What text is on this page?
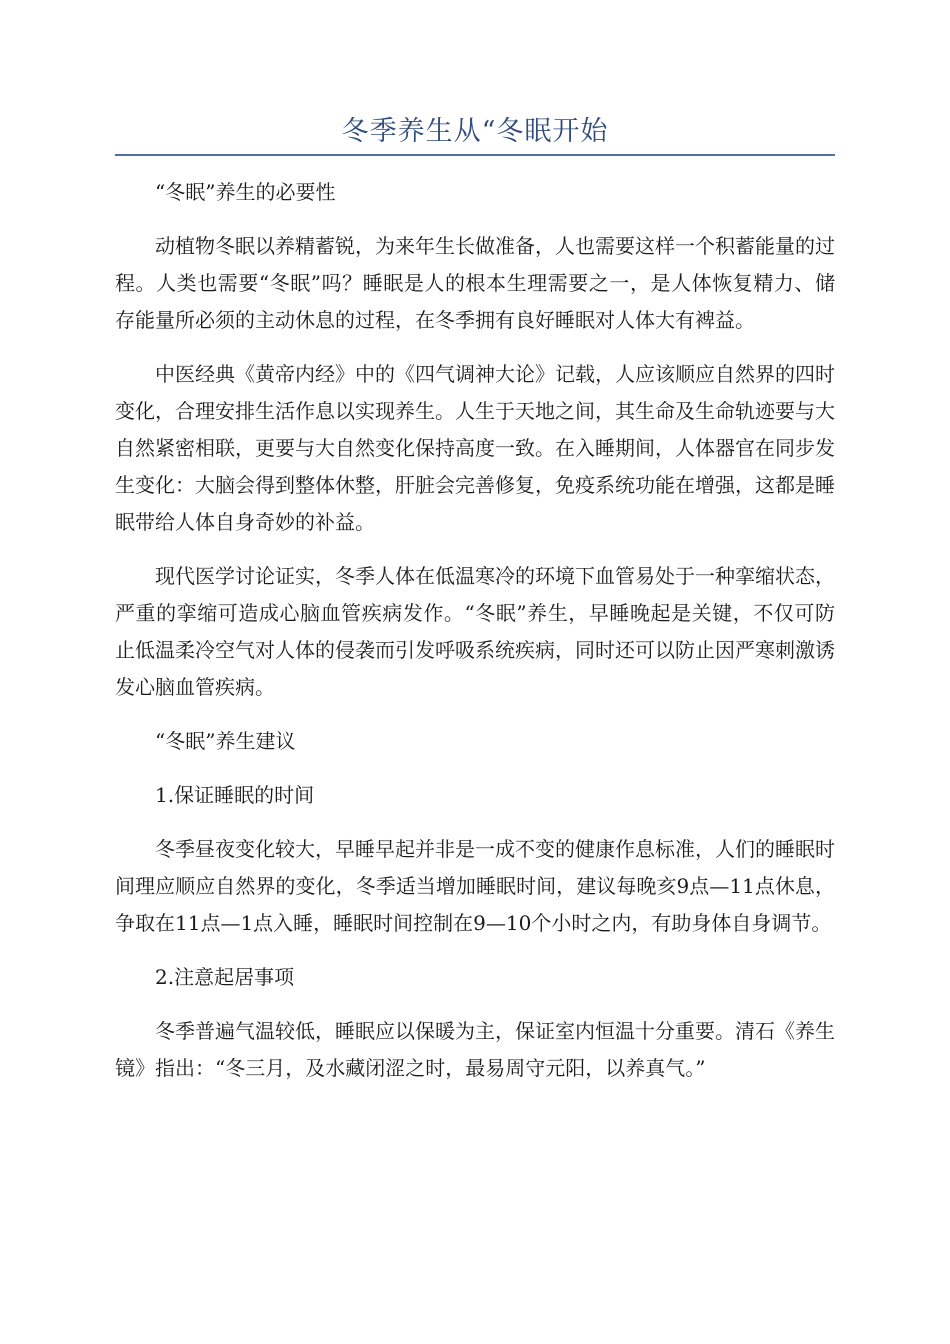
冬季养生从“冬眠开始

“冬眠”养生的必要性

动植物冬眠以养精蓄锐，为来年生长做准备，人也需要这样一个积蓄能量的过程。人类也需要“冬眠”吗？睡眠是人的根本生理需要之一，是人体恢复精力、储存能量所必须的主动休息的过程，在冬季拥有良好睡眠对人体大有裨益。

中医经典《黄帝内经》中的《四气调神大论》记载，人应该顺应自然界的四时变化，合理安排生活作息以实现养生。人生于天地之间，其生命及生命轨迹要与大自然紧密相联，更要与大自然变化保持高度一致。在入睡期间，人体器官在同步发生变化：大脑会得到整体休整，肝脏会完善修复，免疫系统功能在增强，这都是睡眠带给人体自身奇妙的补益。

现代医学讨论证实，冬季人体在低温寒冷的环境下血管易处于一种挛缩状态，严重的挛缩可造成心脑血管疾病发作。“冬眠”养生，早睡晚起是关键，不仅可防止低温柔冷空气对人体的侵袭而引发呼吸系统疾病，同时还可以防止因严寒刺激诱发心脑血管疾病。

“冬眠”养生建议

1.保证睡眠的时间

冬季昼夜变化较大，早睡早起并非是一成不变的健康作息标准，人们的睡眠时间理应顺应自然界的变化，冬季适当增加睡眠时间，建议每晚亥9点—11点休息，争取在11点—1点入睡，睡眠时间控制在9—10个小时之内，有助身体自身调节。

2.注意起居事项

冬季普遍气温较低，睡眠应以保暖为主，保证室内恒温十分重要。清石《养生镜》指出：“冬三月，及水藏闭涩之时，最易周守元阳，以养真气。”
